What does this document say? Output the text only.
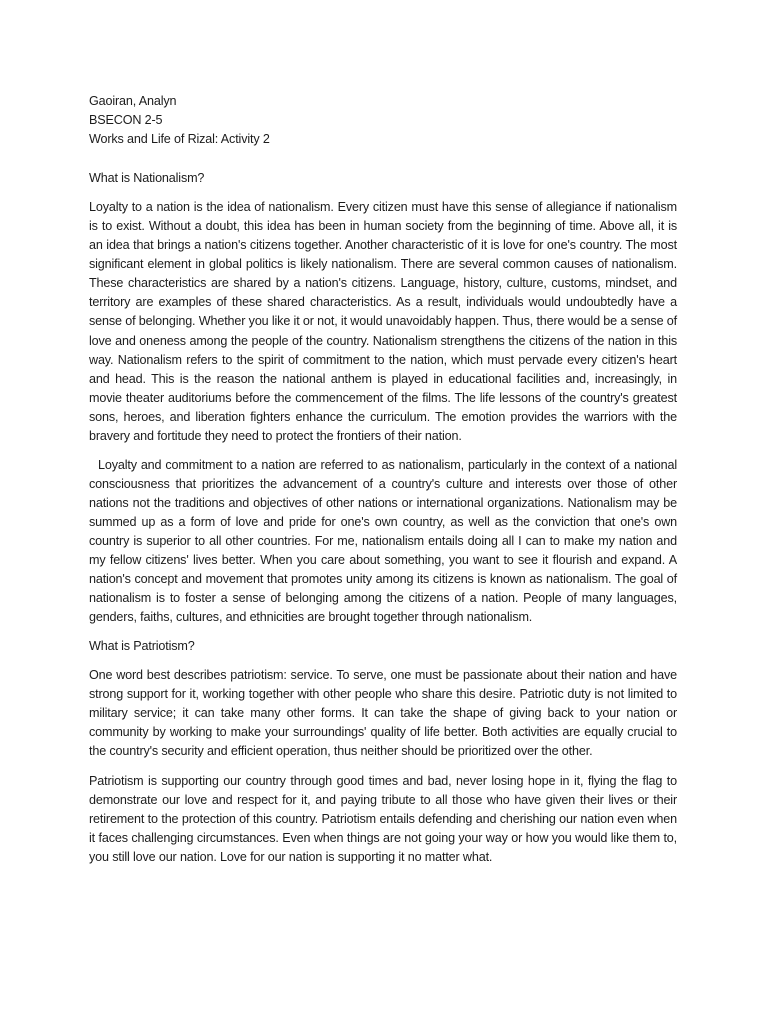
Gaoiran, Analyn

BSECON 2-5

Works and Life of Rizal: Activity 2

What is Nationalism?

Loyalty to a nation is the idea of nationalism. Every citizen must have this sense of allegiance if nationalism is to exist. Without a doubt, this idea has been in human society from the beginning of time. Above all, it is an idea that brings a nation's citizens together. Another characteristic of it is love for one's country. The most significant element in global politics is likely nationalism. There are several common causes of nationalism. These characteristics are shared by a nation's citizens. Language, history, culture, customs, mindset, and territory are examples of these shared characteristics. As a result, individuals would undoubtedly have a sense of belonging. Whether you like it or not, it would unavoidably happen. Thus, there would be a sense of love and oneness among the people of the country. Nationalism strengthens the citizens of the nation in this way. Nationalism refers to the spirit of commitment to the nation, which must pervade every citizen's heart and head. This is the reason the national anthem is played in educational facilities and, increasingly, in movie theater auditoriums before the commencement of the films. The life lessons of the country's greatest sons, heroes, and liberation fighters enhance the curriculum. The emotion provides the warriors with the bravery and fortitude they need to protect the frontiers of their nation.

Loyalty and commitment to a nation are referred to as nationalism, particularly in the context of a national consciousness that prioritizes the advancement of a country's culture and interests over those of other nations not the traditions and objectives of other nations or international organizations. Nationalism may be summed up as a form of love and pride for one's own country, as well as the conviction that one's own country is superior to all other countries. For me, nationalism entails doing all I can to make my nation and my fellow citizens' lives better. When you care about something, you want to see it flourish and expand. A nation's concept and movement that promotes unity among its citizens is known as nationalism. The goal of nationalism is to foster a sense of belonging among the citizens of a nation. People of many languages, genders, faiths, cultures, and ethnicities are brought together through nationalism.

What is Patriotism?

One word best describes patriotism: service. To serve, one must be passionate about their nation and have strong support for it, working together with other people who share this desire. Patriotic duty is not limited to military service; it can take many other forms. It can take the shape of giving back to your nation or community by working to make your surroundings' quality of life better. Both activities are equally crucial to the country's security and efficient operation, thus neither should be prioritized over the other.

Patriotism is supporting our country through good times and bad, never losing hope in it, flying the flag to demonstrate our love and respect for it, and paying tribute to all those who have given their lives or their retirement to the protection of this country. Patriotism entails defending and cherishing our nation even when it faces challenging circumstances. Even when things are not going your way or how you would like them to, you still love our nation. Love for our nation is supporting it no matter what.
